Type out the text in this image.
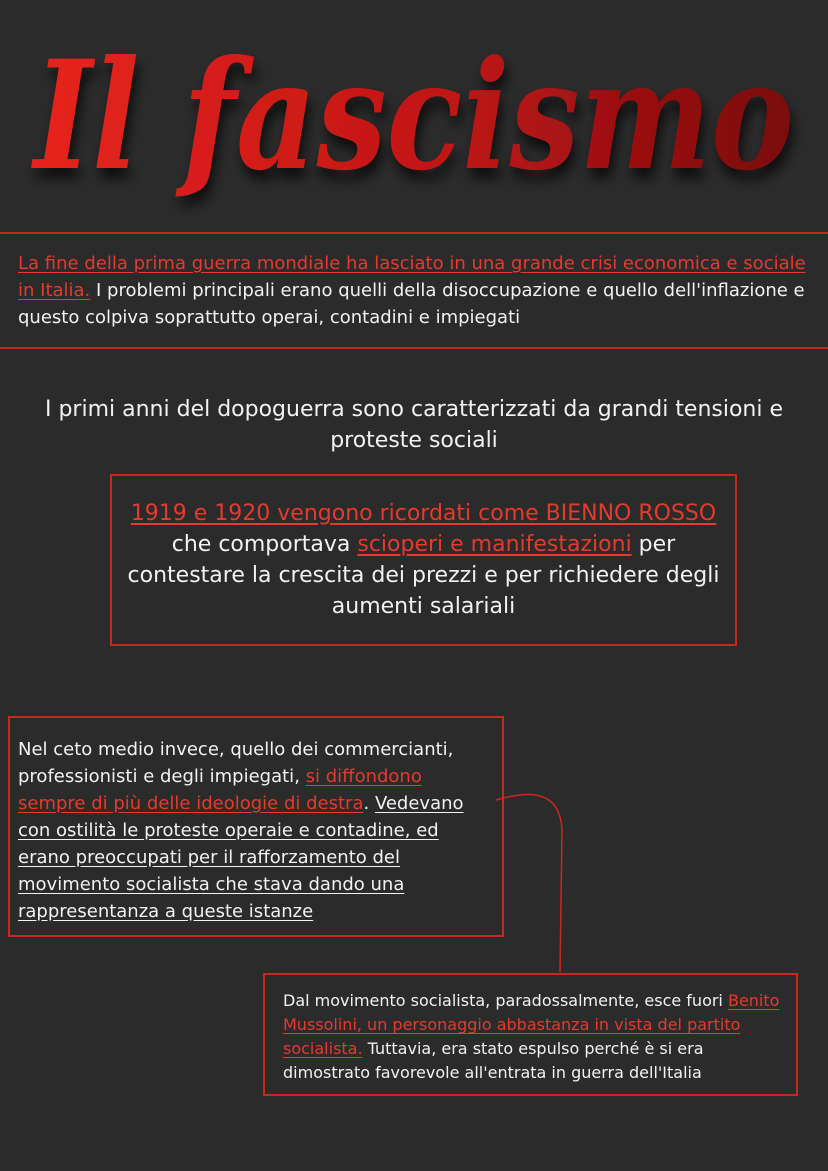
Il fascismo
La fine della prima guerra mondiale ha lasciato in una grande crisi economica e sociale in Italia. I problemi principali erano quelli della disoccupazione e quello dell'inflazione e questo colpiva soprattutto operai, contadini e impiegati
I primi anni del dopoguerra sono caratterizzati da grandi tensioni e proteste sociali
1919 e 1920 vengono ricordati come BIENNO ROSSO
che comportava scioperi e manifestazioni per contestare la crescita dei prezzi e per richiedere degli aumenti salariali
Nel ceto medio invece, quello dei commercianti, professionisti e degli impiegati, si diffondono sempre di più delle ideologie di destra. Vedevano con ostilità le proteste operaie e contadine, ed erano preoccupati per il rafforzamento del movimento socialista che stava dando una rappresentanza a queste istanze
Dal movimento socialista, paradossalmente, esce fuori Benito Mussolini, un personaggio abbastanza in vista del partito socialista. Tuttavia, era stato espulso perché è si era dimostrato favorevole all'entrata in guerra dell'Italia
